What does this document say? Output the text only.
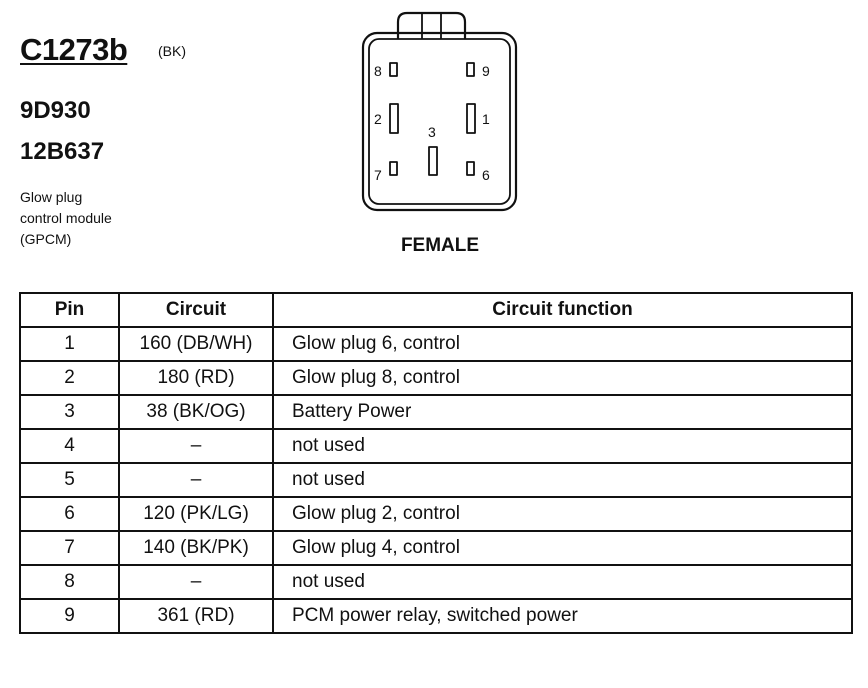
C1273b (BK)
9D930
12B637
Glow plug
control module
(GPCM)
8	9
2	1
3
7	6
FEMALE
Pin	Circuit	Circuit function
1	160 (DB/WH)	Glow plug 6, control
2	180 (RD)	Glow plug 8, control
3	38 (BK/OG)	Battery Power
4	–	not used
5	–	not used
6	120 (PK/LG)	Glow plug 2, control
7	140 (BK/PK)	Glow plug 4, control
8	–	not used
9	361 (RD)	PCM power relay, switched power
